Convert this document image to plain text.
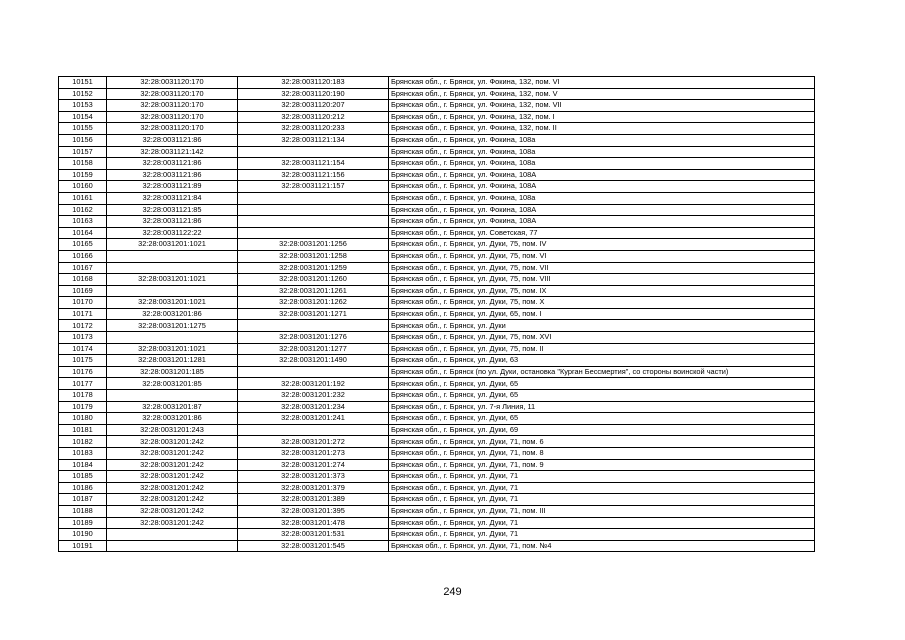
10151	32:28:0031120:170	32:28:0031120:183	Брянская обл., г. Брянск, ул. Фокина, 132, пом. VI
10152	32:28:0031120:170	32:28:0031120:190	Брянская обл., г. Брянск, ул. Фокина, 132, пом. V
10153	32:28:0031120:170	32:28:0031120:207	Брянская обл., г. Брянск, ул. Фокина, 132, пом. VII
10154	32:28:0031120:170	32:28:0031120:212	Брянская обл., г. Брянск, ул. Фокина, 132, пом. I
10155	32:28:0031120:170	32:28:0031120:233	Брянская обл., г. Брянск, ул. Фокина, 132, пом. II
10156	32:28:0031121:86	32:28:0031121:134	Брянская обл., г. Брянск, ул. Фокина, 108а
10157	32:28:0031121:142		Брянская обл., г. Брянск, ул. Фокина, 108а
10158	32:28:0031121:86	32:28:0031121:154	Брянская обл., г. Брянск, ул. Фокина, 108а
10159	32:28:0031121:86	32:28:0031121:156	Брянская обл., г. Брянск, ул. Фокина, 108А
10160	32:28:0031121:89	32:28:0031121:157	Брянская обл., г. Брянск, ул. Фокина, 108А
10161	32:28:0031121:84		Брянская обл., г. Брянск, ул. Фокина, 108а
10162	32:28:0031121:85		Брянская обл., г. Брянск, ул. Фокина, 108А
10163	32:28:0031121:86		Брянская обл., г. Брянск, ул. Фокина, 108А
10164	32:28:0031122:22		Брянская обл., г. Брянск, ул. Советская, 77
10165	32:28:0031201:1021	32:28:0031201:1256	Брянская обл., г. Брянск, ул. Дуки, 75, пом. IV
10166		32:28:0031201:1258	Брянская обл., г. Брянск, ул. Дуки, 75, пом. VI
10167		32:28:0031201:1259	Брянская обл., г. Брянск, ул. Дуки, 75, пом. VII
10168	32:28:0031201:1021	32:28:0031201:1260	Брянская обл., г. Брянск, ул. Дуки, 75, пом. VIII
10169		32:28:0031201:1261	Брянская обл., г. Брянск, ул. Дуки, 75, пом. IX
10170	32:28:0031201:1021	32:28:0031201:1262	Брянская обл., г. Брянск, ул. Дуки, 75, пом. X
10171	32:28:0031201:86	32:28:0031201:1271	Брянская обл., г. Брянск, ул. Дуки, 65, пом. I
10172	32:28:0031201:1275		Брянская обл., г. Брянск, ул. Дуки
10173		32:28:0031201:1276	Брянская обл., г. Брянск, ул. Дуки, 75, пом. XVI
10174	32:28:0031201:1021	32:28:0031201:1277	Брянская обл., г. Брянск, ул. Дуки, 75, пом. II
10175	32:28:0031201:1281	32:28:0031201:1490	Брянская обл., г. Брянск, ул. Дуки, 63
10176	32:28:0031201:185		Брянская обл., г. Брянск (по ул. Дуки, остановка "Курган Бессмертия", со стороны воинской части)
10177	32:28:0031201:85	32:28:0031201:192	Брянская обл., г. Брянск, ул. Дуки, 65
10178		32:28:0031201:232	Брянская обл., г. Брянск, ул. Дуки, 65
10179	32:28:0031201:87	32:28:0031201:234	Брянская обл., г. Брянск, ул. 7-я Линия, 11
10180	32:28:0031201:86	32:28:0031201:241	Брянская обл., г. Брянск, ул. Дуки, 65
10181	32:28:0031201:243		Брянская обл., г. Брянск, ул. Дуки, 69
10182	32:28:0031201:242	32:28:0031201:272	Брянская обл., г. Брянск, ул. Дуки, 71, пом. 6
10183	32:28:0031201:242	32:28:0031201:273	Брянская обл., г. Брянск, ул. Дуки, 71, пом. 8
10184	32:28:0031201:242	32:28:0031201:274	Брянская обл., г. Брянск, ул. Дуки, 71, пом. 9
10185	32:28:0031201:242	32:28:0031201:373	Брянская обл., г. Брянск, ул. Дуки, 71
10186	32:28:0031201:242	32:28:0031201:379	Брянская обл., г. Брянск, ул. Дуки, 71
10187	32:28:0031201:242	32:28:0031201:389	Брянская обл., г. Брянск, ул. Дуки, 71
10188	32:28:0031201:242	32:28:0031201:395	Брянская обл., г. Брянск, ул. Дуки, 71, пом. III
10189	32:28:0031201:242	32:28:0031201:478	Брянская обл., г. Брянск, ул. Дуки, 71
10190		32:28:0031201:531	Брянская обл., г. Брянск, ул. Дуки, 71
10191		32:28:0031201:545	Брянская обл., г. Брянск, ул. Дуки, 71, пом. №4
249
